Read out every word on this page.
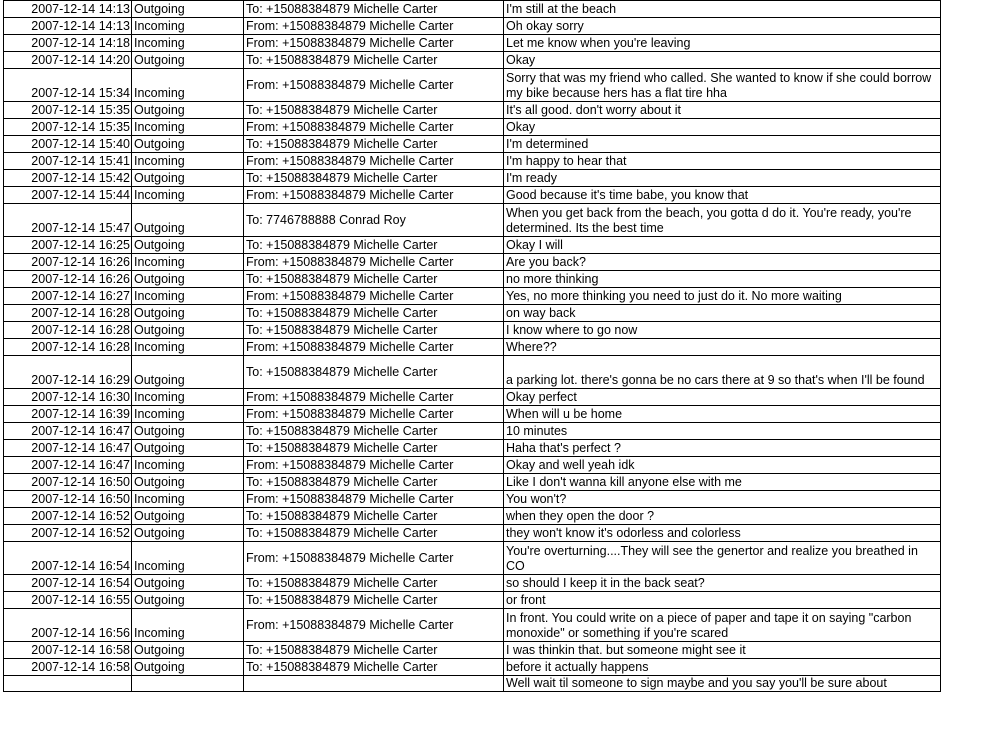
2007-12-14 14:13	Outgoing	To: +15088384879 Michelle Carter	I'm still at the beach
2007-12-14 14:13	Incoming	From: +15088384879 Michelle Carter	Oh okay sorry
2007-12-14 14:18	Incoming	From: +15088384879 Michelle Carter	Let me know when you're leaving
2007-12-14 14:20	Outgoing	To: +15088384879 Michelle Carter	Okay
2007-12-14 15:34	Incoming	From: +15088384879 Michelle Carter	Sorry that was my friend who called. She wanted to know if she could borrow my bike because hers has a flat tire hha
2007-12-14 15:35	Outgoing	To: +15088384879 Michelle Carter	It's all good. don't worry about it
2007-12-14 15:35	Incoming	From: +15088384879 Michelle Carter	Okay
2007-12-14 15:40	Outgoing	To: +15088384879 Michelle Carter	I'm determined
2007-12-14 15:41	Incoming	From: +15088384879 Michelle Carter	I'm happy to hear that
2007-12-14 15:42	Outgoing	To: +15088384879 Michelle Carter	I'm ready
2007-12-14 15:44	Incoming	From: +15088384879 Michelle Carter	Good because it's time babe, you know that
2007-12-14 15:47	Outgoing	To: 7746788888 Conrad Roy	When you get back from the beach, you gotta d do it. You're ready, you're determined. Its the best time
2007-12-14 16:25	Outgoing	To: +15088384879 Michelle Carter	Okay I will
2007-12-14 16:26	Incoming	From: +15088384879 Michelle Carter	Are you back?
2007-12-14 16:26	Outgoing	To: +15088384879 Michelle Carter	no more thinking
2007-12-14 16:27	Incoming	From: +15088384879 Michelle Carter	Yes, no more thinking you need to just do it. No more waiting
2007-12-14 16:28	Outgoing	To: +15088384879 Michelle Carter	on way back
2007-12-14 16:28	Outgoing	To: +15088384879 Michelle Carter	I know where to go now
2007-12-14 16:28	Incoming	From: +15088384879 Michelle Carter	Where??
2007-12-14 16:29	Outgoing	To: +15088384879 Michelle Carter	a parking lot. there's gonna be no cars there at 9 so that's when I'll be found
2007-12-14 16:30	Incoming	From: +15088384879 Michelle Carter	Okay perfect
2007-12-14 16:39	Incoming	From: +15088384879 Michelle Carter	When will u be home
2007-12-14 16:47	Outgoing	To: +15088384879 Michelle Carter	10 minutes
2007-12-14 16:47	Outgoing	To: +15088384879 Michelle Carter	Haha that's perfect ?
2007-12-14 16:47	Incoming	From: +15088384879 Michelle Carter	Okay and well yeah idk
2007-12-14 16:50	Outgoing	To: +15088384879 Michelle Carter	Like I don't wanna kill anyone else with me
2007-12-14 16:50	Incoming	From: +15088384879 Michelle Carter	You won't?
2007-12-14 16:52	Outgoing	To: +15088384879 Michelle Carter	when they open the door ?
2007-12-14 16:52	Outgoing	To: +15088384879 Michelle Carter	they won't know it's odorless and colorless
2007-12-14 16:54	Incoming	From: +15088384879 Michelle Carter	You're overturning....They will see the genertor and realize you breathed in CO
2007-12-14 16:54	Outgoing	To: +15088384879 Michelle Carter	so should I keep it in the back seat?
2007-12-14 16:55	Outgoing	To: +15088384879 Michelle Carter	or front
2007-12-14 16:56	Incoming	From: +15088384879 Michelle Carter	In front. You could write on a piece of paper and tape it on saying "carbon monoxide" or something if you're scared
2007-12-14 16:58	Outgoing	To: +15088384879 Michelle Carter	I was thinkin that. but someone might see it
2007-12-14 16:58	Outgoing	To: +15088384879 Michelle Carter	before it actually happens
			Well wait til someone to sign maybe and you say you'll be sure about
